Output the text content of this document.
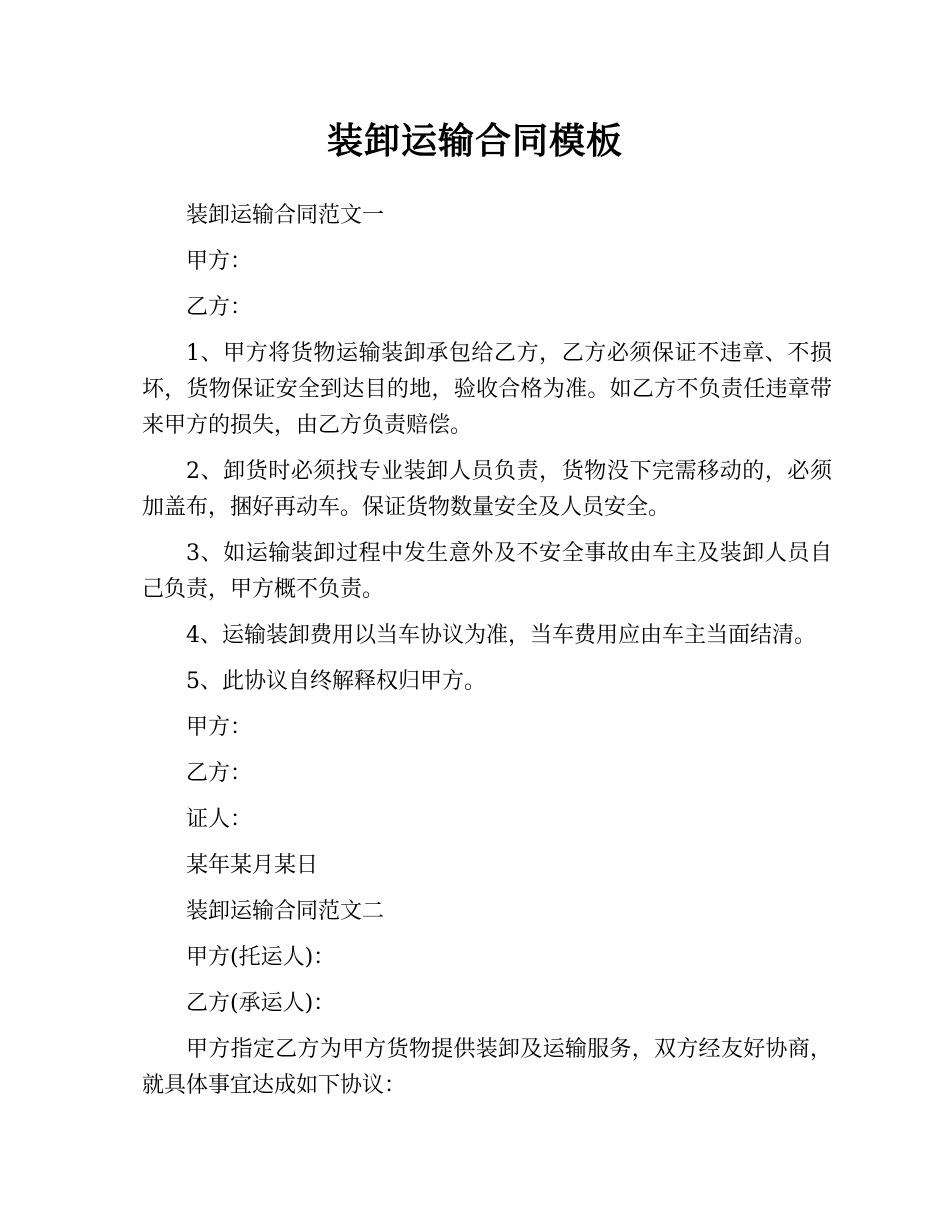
装卸运输合同模板

装卸运输合同范文一

甲方：

乙方：

1、甲方将货物运输装卸承包给乙方，乙方必须保证不违章、不损坏，货物保证安全到达目的地，验收合格为准。如乙方不负责任违章带来甲方的损失，由乙方负责赔偿。

2、卸货时必须找专业装卸人员负责，货物没下完需移动的，必须加盖布，捆好再动车。保证货物数量安全及人员安全。

3、如运输装卸过程中发生意外及不安全事故由车主及装卸人员自己负责，甲方概不负责。

4、运输装卸费用以当车协议为准，当车费用应由车主当面结清。

5、此协议自终解释权归甲方。

甲方：

乙方：

证人：

某年某月某日

装卸运输合同范文二

甲方(托运人)：

乙方(承运人)：

甲方指定乙方为甲方货物提供装卸及运输服务，双方经友好协商，就具体事宜达成如下协议：
